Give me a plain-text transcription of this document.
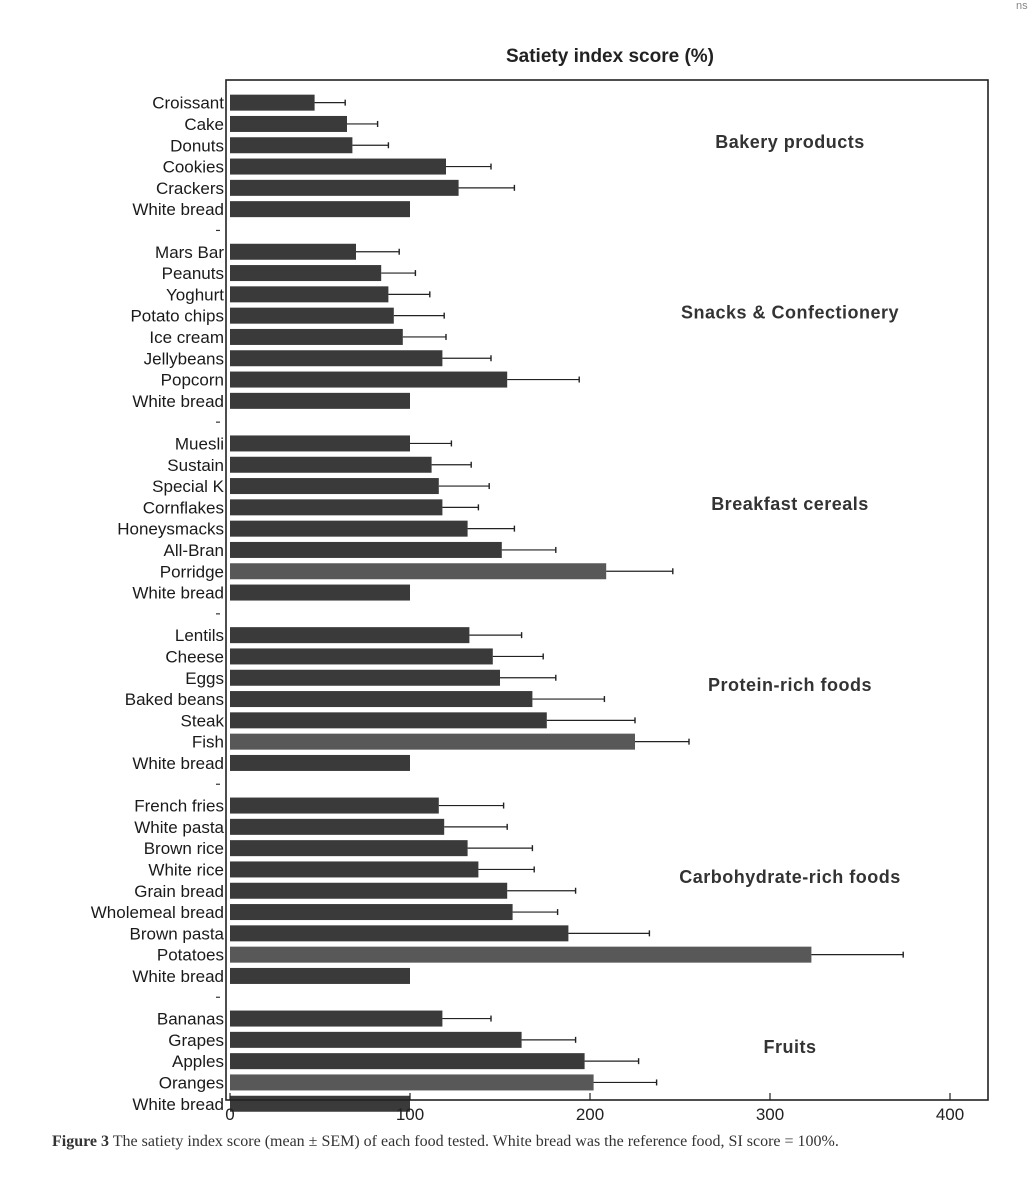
ns
Croissant
Cake
Donuts
Cookies
Crackers
White bread
Bakery products
Mars Bar
Peanuts
Yoghurt
Potato chips
Ice cream
Jellybeans
Popcorn
White bread
Snacks & Confectionery
Muesli
Sustain
Special K
Cornflakes
Honeysmacks
All-Bran
Porridge
White bread
Breakfast cereals
Lentils
Cheese
Eggs
Baked beans
Steak
Fish
White bread
Protein-rich foods
French fries
White pasta
Brown rice
White rice
Grain bread
Wholemeal bread
Brown pasta
Potatoes
White bread
Carbohydrate-rich foods
Bananas
Grapes
Apples
Oranges
White bread
Fruits
0	100	200	300	400
Satiety index score (%)
Figure 3 The satiety index score (mean ± SEM) of each food tested. White bread was the reference food, SI score = 100%.
